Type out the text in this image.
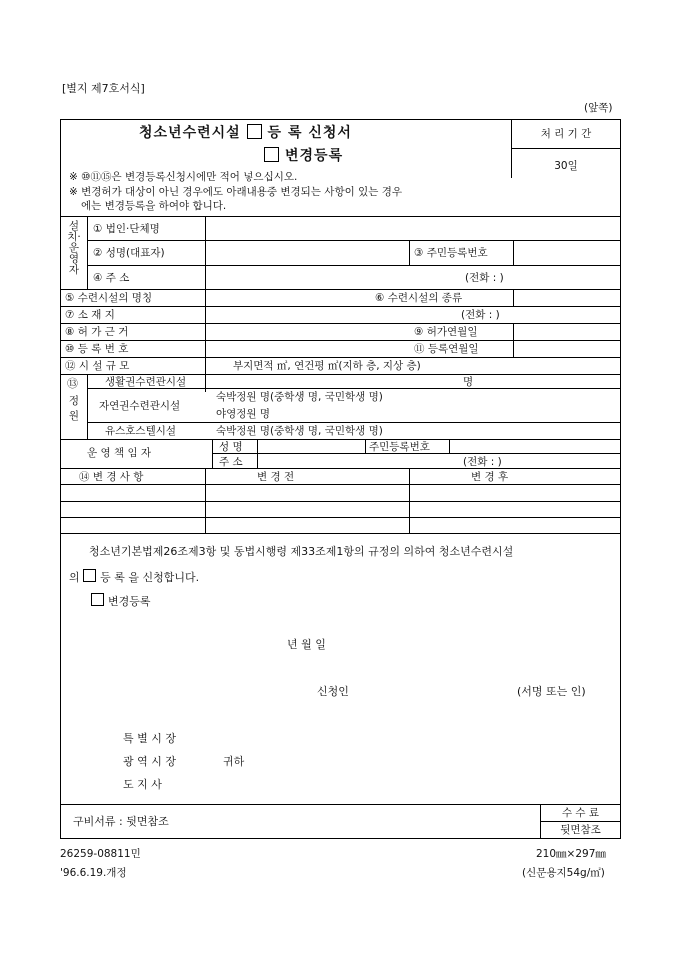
[별지 제7호서식]
(앞쪽)
청소년수련시설 등 록 신청서
변경등록
처 리 기 간
30일
※ ⑩⑪⑮은 변경등록신청시에만 적어 넣으십시오.
※ 변경허가 대상이 아닌 경우에도 아래내용중 변경되는 사항이 있는 경우
에는 변경등록을 하여야 합니다.
설치·운영자
① 법인·단체명
② 성명(대표자)	③ 주민등록번호
④ 주 소	(전화 : )
⑤ 수련시설의 명칭	⑥ 수련시설의 종류
⑦ 소 재 지	(전화 : )
⑧ 허 가 근 거	⑨ 허가연월일
⑩ 등 록 번 호	⑪ 등록연월일
⑫ 시 설 규 모	부지면적 ㎡, 연건평 ㎡(지하 층, 지상 층)
⑬
정원
생활권수련관시설	명
자연권수련관시설
숙박정원 명(중학생 명, 국민학생 명)
야영정원 명
유스호스텔시설	숙박정원 명(중학생 명, 국민학생 명)
운 영 책 임 자	성 명	주민등록번호
주 소	(전화 : )
⑭ 변 경 사 항	변 경 전	변 경 후
청소년기본법제26조제3항 및 동법시행령 제33조제1항의 규정의 의하여 청소년수련시설
의 등 록 을 신청합니다.
변경등록
년 월 일
신청인	(서명 또는 인)
특 별 시 장
광 역 시 장	귀하
도 지 사
구비서류 : 뒷면참조
수 수 료
뒷면참조
26259-08811민
'96.6.19.개정
210㎜×297㎜
(신문용지54g/㎡)
